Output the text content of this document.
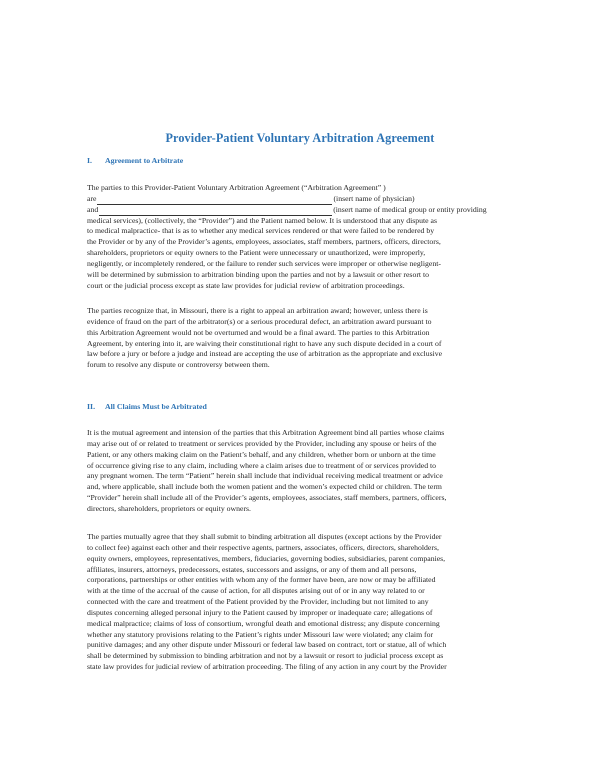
Provider-Patient Voluntary Arbitration Agreement
I. Agreement to Arbitrate
The parties to this Provider-Patient Voluntary Arbitration Agreement (“Arbitration Agreement” )
are	(insert name of physician)
and	(insert name of medical group or entity providing
medical services), (collectively, the “Provider”) and the Patient named below. It is understood that any dispute as
to medical malpractice- that is as to whether any medical services rendered or that were failed to be rendered by
the Provider or by any of the Provider’s agents, employees, associates, staff members, partners, officers, directors,
shareholders, proprietors or equity owners to the Patient were unnecessary or unauthorized, were improperly,
negligently, or incompletely rendered, or the failure to render such services were improper or otherwise negligent-
will be determined by submission to arbitration binding upon the parties and not by a lawsuit or other resort to
court or the judicial process except as state law provides for judicial review of arbitration proceedings.
The parties recognize that, in Missouri, there is a right to appeal an arbitration award; however, unless there is
evidence of fraud on the part of the arbitrator(s) or a serious procedural defect, an arbitration award pursuant to
this Arbitration Agreement would not be overturned and would be a final award. The parties to this Arbitration
Agreement, by entering into it, are waiving their constitutional right to have any such dispute decided in a court of
law before a jury or before a judge and instead are accepting the use of arbitration as the appropriate and exclusive
forum to resolve any dispute or controversy between them.
II. All Claims Must be Arbitrated
It is the mutual agreement and intension of the parties that this Arbitration Agreement bind all parties whose claims
may arise out of or related to treatment or services provided by the Provider, including any spouse or heirs of the
Patient, or any others making claim on the Patient’s behalf, and any children, whether born or unborn at the time
of occurrence giving rise to any claim, including where a claim arises due to treatment of or services provided to
any pregnant women. The term “Patient” herein shall include that individual receiving medical treatment or advice
and, where applicable, shall include both the women patient and the women’s expected child or children. The term
“Provider” herein shall include all of the Provider’s agents, employees, associates, staff members, partners, officers,
directors, shareholders, proprietors or equity owners.
The parties mutually agree that they shall submit to binding arbitration all disputes (except actions by the Provider
to collect fee) against each other and their respective agents, partners, associates, officers, directors, shareholders,
equity owners, employees, representatives, members, fiduciaries, governing bodies, subsidiaries, parent companies,
affiliates, insurers, attorneys, predecessors, estates, successors and assigns, or any of them and all persons,
corporations, partnerships or other entities with whom any of the former have been, are now or may be affiliated
with at the time of the accrual of the cause of action, for all disputes arising out of or in any way related to or
connected with the care and treatment of the Patient provided by the Provider, including but not limited to any
disputes concerning alleged personal injury to the Patient caused by improper or inadequate care; allegations of
medical malpractice; claims of loss of consortium, wrongful death and emotional distress; any dispute concerning
whether any statutory provisions relating to the Patient’s rights under Missouri law were violated; any claim for
punitive damages; and any other dispute under Missouri or federal law based on contract, tort or statue, all of which
shall be determined by submission to binding arbitration and not by a lawsuit or resort to judicial process except as
state law provides for judicial review of arbitration proceeding. The filing of any action in any court by the Provider
